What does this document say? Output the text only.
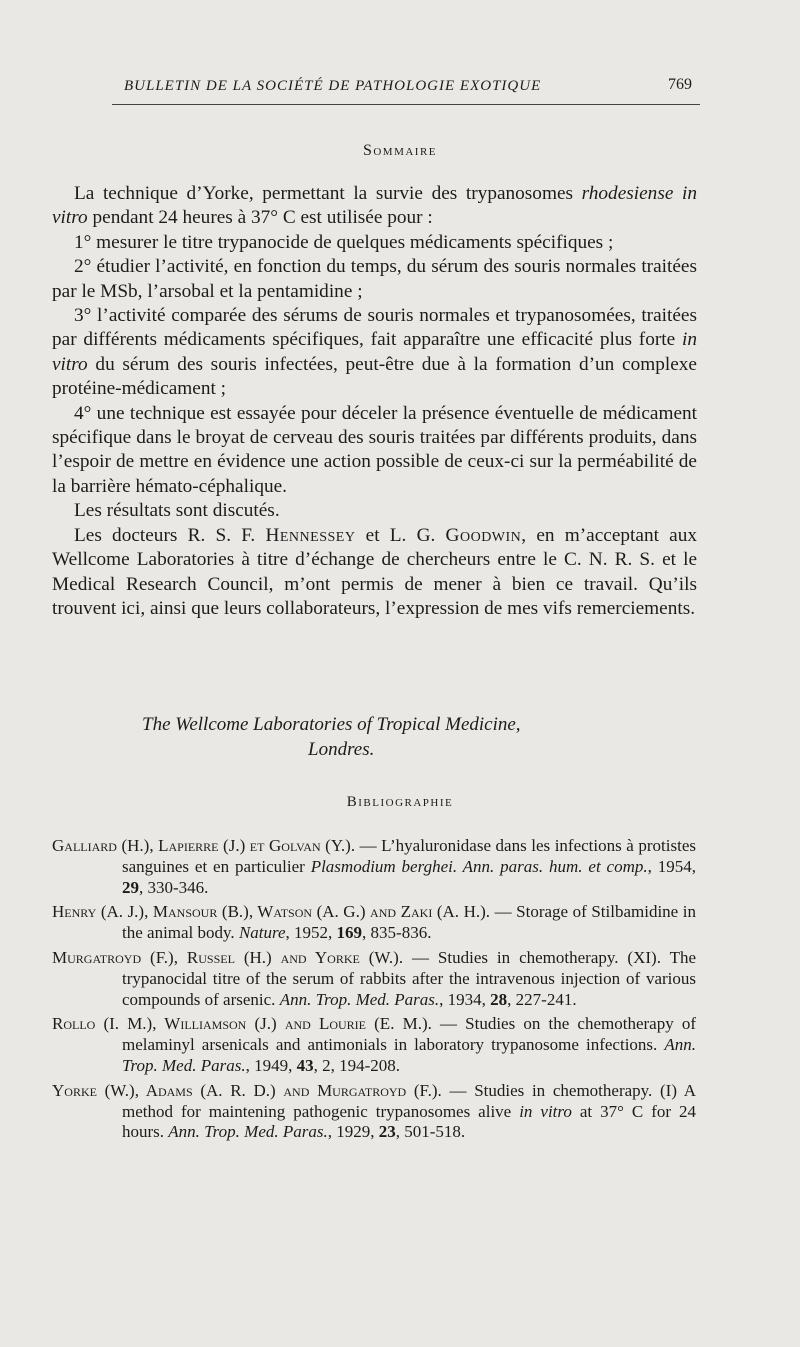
BULLETIN DE LA SOCIÉTÉ DE PATHOLOGIE EXOTIQUE	769
Sommaire

La technique d’Yorke, permettant la survie des trypanosomes rhodesiense in vitro pendant 24 heures à 37° C est utilisée pour :

1° mesurer le titre trypanocide de quelques médicaments spécifiques ;

2° étudier l’activité, en fonction du temps, du sérum des souris normales traitées par le MSb, l’arsobal et la pentamidine ;

3° l’activité comparée des sérums de souris normales et trypanosomées, traitées par différents médicaments spécifiques, fait apparaître une efficacité plus forte in vitro du sérum des souris infectées, peut-être due à la formation d’un complexe protéine-médicament ;

4° une technique est essayée pour déceler la présence éventuelle de médicament spécifique dans le broyat de cerveau des souris traitées par différents produits, dans l’espoir de mettre en évidence une action possible de ceux-ci sur la perméabilité de la barrière hémato-céphalique.

Les résultats sont discutés.

Les docteurs R. S. F. Hennessey et L. G. Goodwin, en m’acceptant aux Wellcome Laboratories à titre d’échange de chercheurs entre le C. N. R. S. et le Medical Research Council, m’ont permis de mener à bien ce travail. Qu’ils trouvent ici, ainsi que leurs collaborateurs, l’expression de mes vifs remerciements.

The Wellcome Laboratories of Tropical Medicine,
Londres.
Bibliographie

Galliard (H.), Lapierre (J.) et Golvan (Y.). — L’hyaluronidase dans les infections à protistes sanguines et en particulier Plasmodium berghei. Ann. paras. hum. et comp., 1954, 29, 330-346.

Henry (A. J.), Mansour (B.), Watson (A. G.) and Zaki (A. H.). — Storage of Stilbamidine in the animal body. Nature, 1952, 169, 835-836.

Murgatroyd (F.), Russel (H.) and Yorke (W.). — Studies in chemotherapy. (XI). The trypanocidal titre of the serum of rabbits after the intravenous injection of various compounds of arsenic. Ann. Trop. Med. Paras., 1934, 28, 227-241.

Rollo (I. M.), Williamson (J.) and Lourie (E. M.). — Studies on the chemotherapy of melaminyl arsenicals and antimonials in laboratory trypanosome infections. Ann. Trop. Med. Paras., 1949, 43, 2, 194-208.

Yorke (W.), Adams (A. R. D.) and Murgatroyd (F.). — Studies in chemotherapy. (I) A method for maintening pathogenic trypanosomes alive in vitro at 37° C for 24 hours. Ann. Trop. Med. Paras., 1929, 23, 501-518.
